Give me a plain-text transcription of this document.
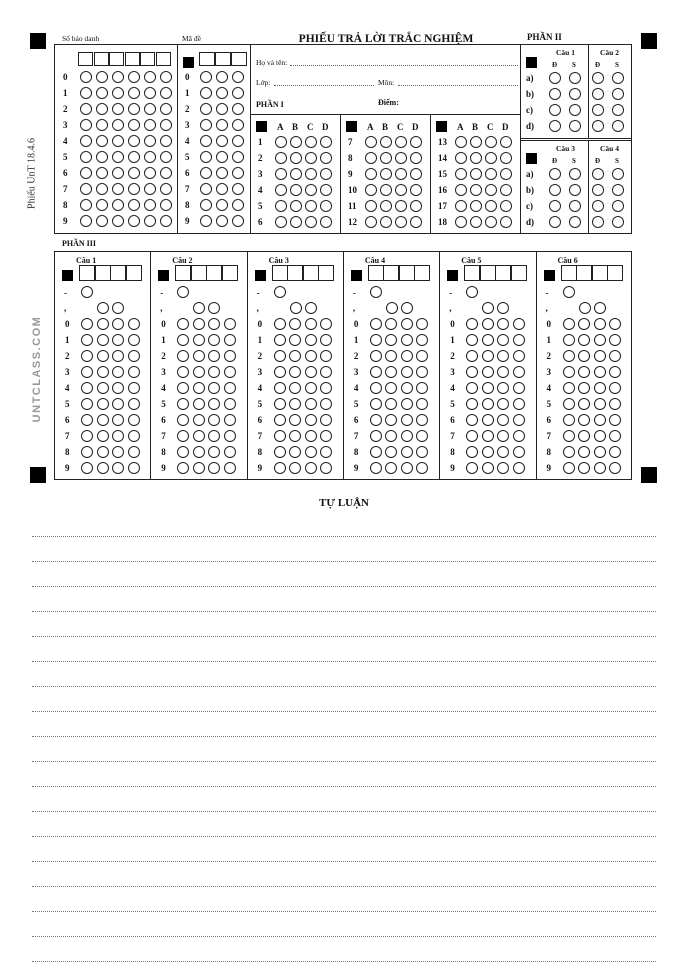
Phiếu UnT 18.4.6
UNTCLASS.COM
Số báo danh	Mã đề	PHIẾU TRẢ LỜI TRẮC NGHIỆM	PHẦN II
0
1
2
3
4
5
6
7
8
9
0
1
2
3
4
5
6
7
8
9
Họ và tên:
Lớp:	Môn:
PHẦN I	Điểm:
A B C D
1
2
3
4
5
6
A B C D
7
8
9
10
11
12
A B C D
13
14
15
16
17
18
Câu 1	Câu 2
Đ S	Đ S
a)
b)
c)
d)
Câu 3	Câu 4
Đ S	Đ S
a)
b)
c)
d)
PHẦN III
Câu 1
-
,
0
1
2
3
4
5
6
7
8
9
Câu 2
-
,
0
1
2
3
4
5
6
7
8
9
Câu 3
-
,
0
1
2
3
4
5
6
7
8
9
Câu 4
-
,
0
1
2
3
4
5
6
7
8
9
Câu 5
-
,
0
1
2
3
4
5
6
7
8
9
Câu 6
-
,
0
1
2
3
4
5
6
7
8
9
TỰ LUẬN
